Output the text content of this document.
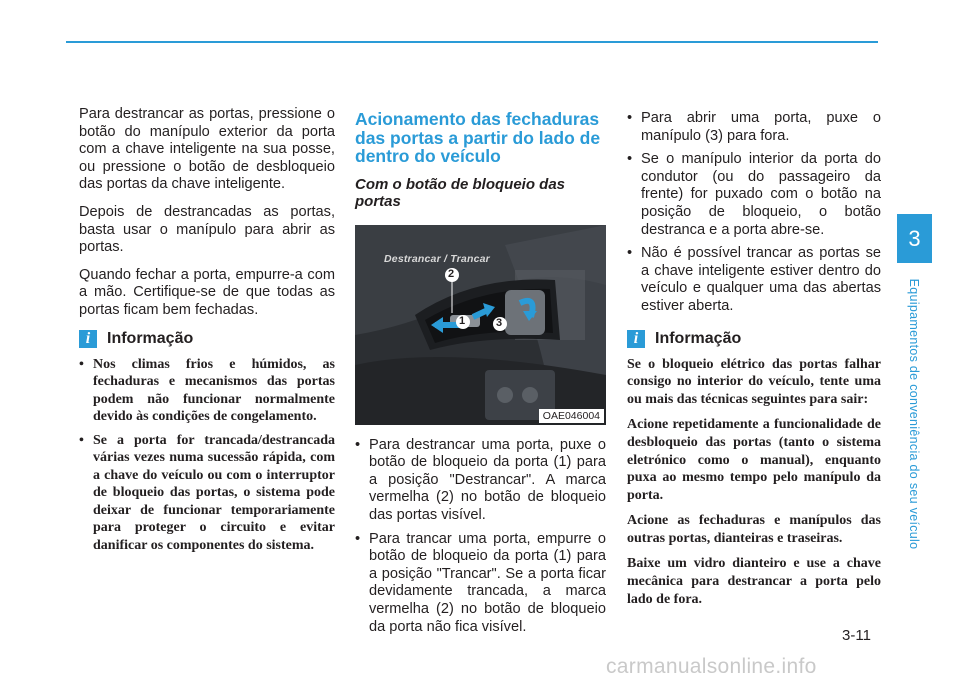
Para destrancar as portas, pressione o botão do manípulo exterior da porta com a chave inteligente na sua posse, ou pressione o botão de desbloqueio das portas da chave inteligente.

Depois de destrancadas as portas, basta usar o manípulo para abrir as portas.

Quando fechar a porta, empurre-a com a mão. Certifique-se de que todas as portas ficam bem fechadas.

i	Informação
• Nos climas frios e húmidos, as fechaduras e mecanismos das portas podem não funcionar normalmente devido às condições de congelamento.
• Se a porta for trancada/destrancada várias vezes numa sucessão rápida, com a chave do veículo ou com o interruptor de bloqueio das portas, o sistema pode deixar de funcionar temporariamente para proteger o circuito e evitar danificar os componentes do sistema.
Acionamento das fechaduras das portas a partir do lado de dentro do veículo
Com o botão de bloqueio das portas
Destrancar / Trancar
2
1	3
OAE046004
• Para destrancar uma porta, puxe o botão de bloqueio da porta (1) para a posição "Destrancar". A marca vermelha (2) no botão de bloqueio das portas visível.
• Para trancar uma porta, empurre o botão de bloqueio da porta (1) para a posição "Trancar". Se a porta ficar devidamente trancada, a marca vermelha (2) no botão de bloqueio da porta não fica visível.
• Para abrir uma porta, puxe o manípulo (3) para fora.
• Se o manípulo interior da porta do condutor (ou do passageiro da frente) for puxado com o botão na posição de bloqueio, o botão destranca e a porta abre-se.
• Não é possível trancar as portas se a chave inteligente estiver dentro do veículo e qualquer uma das abertas estiver aberta.
i	Informação

Se o bloqueio elétrico das portas falhar consigo no interior do veículo, tente uma ou mais das técnicas seguintes para sair:

Acione repetidamente a funcionalidade de desbloqueio das portas (tanto o sistema eletrónico como o manual), enquanto puxa ao mesmo tempo pelo manípulo da porta.

Acione as fechaduras e manípulos das outras portas, dianteiras e traseiras.

Baixe um vidro dianteiro e use a chave mecânica para destrancar a porta pelo lado de fora.

3
Equipamentos de conveniência do seu veículo
3-11
carmanualsonline.info
